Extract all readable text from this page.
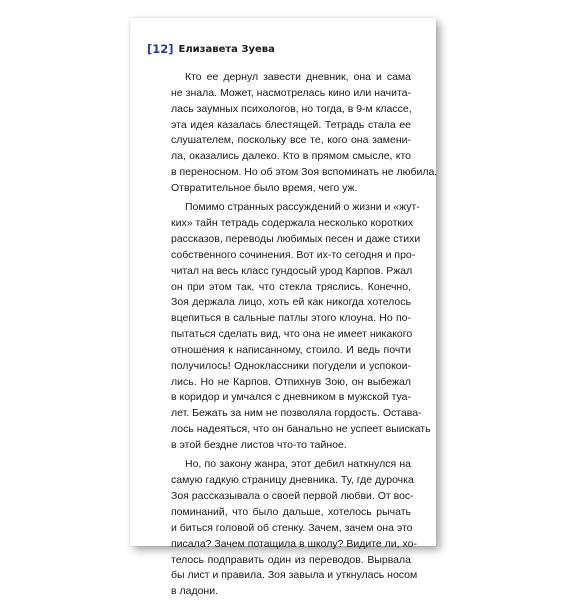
[12] Елизавета Зуева
Кто ее дернул завести дневник, она и сама
не знала. Может, насмотрелась кино или начита-
лась заумных психологов, но тогда, в 9-м классе,
эта идея казалась блестящей. Тетрадь стала ее
слушателем, поскольку все те, кого она замени-
ла, оказались далеко. Кто в прямом смысле, кто
в переносном. Но об этом Зоя вспоминать не любила.
Отвратительное было время, чего уж.
Помимо странных рассуждений о жизни и «жут-
ких» тайн тетрадь содержала несколько коротких
рассказов, переводы любимых песен и даже стихи
собственного сочинения. Вот их-то сегодня и про-
читал на весь класс гундосый урод Карпов. Ржал
он при этом так, что стекла тряслись. Конечно,
Зоя держала лицо, хоть ей как никогда хотелось
вцепиться в сальные патлы этого клоуна. Но по-
пытаться сделать вид, что она не имеет никакого
отношения к написанному, стоило. И ведь почти
получилось! Одноклассники погудели и успокои-
лись. Но не Карпов. Отпихнув Зою, он выбежал
в коридор и умчался с дневником в мужской туа-
лет. Бежать за ним не позволяла гордость. Остава-
лось надеяться, что он банально не успеет выискать
в этой бездне листов что-то тайное.
Но, по закону жанра, этот дебил наткнулся на
самую гадкую страницу дневника. Ту, где дурочка
Зоя рассказывала о своей первой любви. От вос-
поминаний, что было дальше, хотелось рычать
и биться головой об стенку. Зачем, зачем она это
писала? Зачем потащила в школу? Видите ли, хо-
телось подправить один из переводов. Вырвала
бы лист и правила. Зоя завыла и уткнулась носом
в ладони.
